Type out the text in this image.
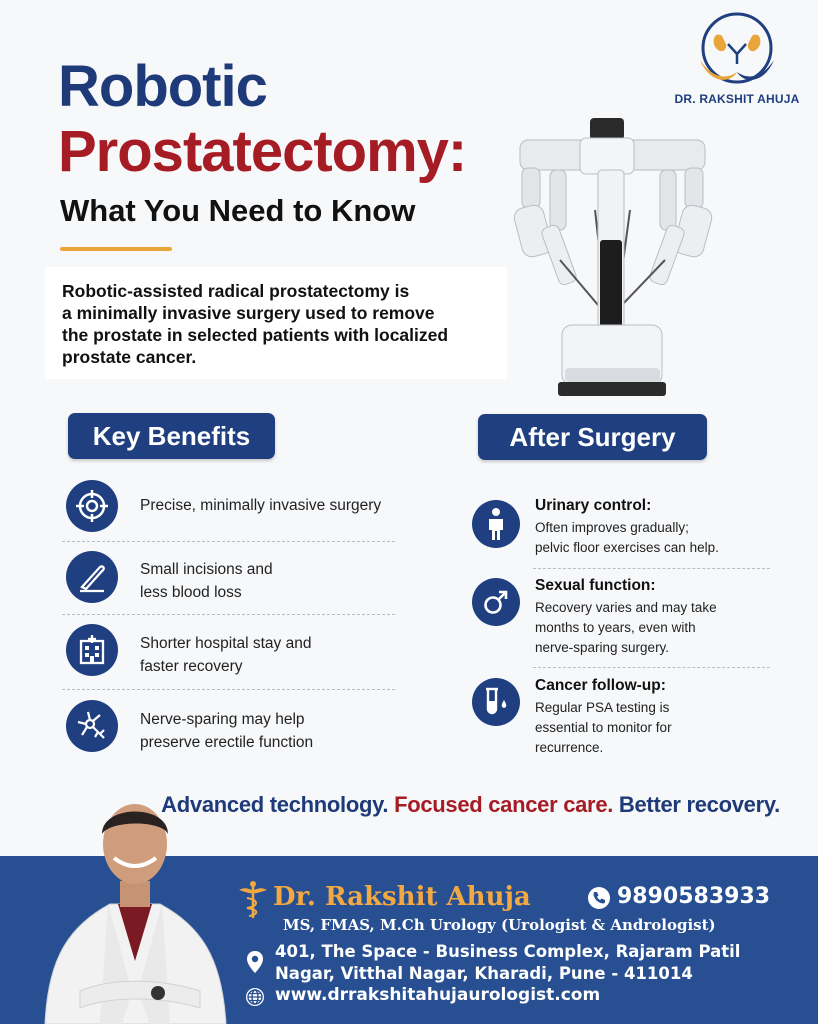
DR. RAKSHIT AHUJA
Robotic
Prostatectomy:
What You Need to Know
Robotic-assisted radical prostatectomy is
a minimally invasive surgery used to remove
the prostate in selected patients with localized
prostate cancer.
Key Benefits	After Surgery
Precise, minimally invasive surgery
Small incisions and
less blood loss
Shorter hospital stay and
faster recovery
Nerve-sparing may help
preserve erectile function
Urinary control:
Often improves gradually;
pelvic floor exercises can help.
Sexual function:
Recovery varies and may take
months to years, even with
nerve-sparing surgery.
Cancer follow-up:
Regular PSA testing is
essential to monitor for
recurrence.
Advanced technology. Focused cancer care. Better recovery.
Dr. Rakshit Ahuja	9890583933
MS, FMAS, M.Ch Urology (Urologist & Andrologist)
401, The Space - Business Complex, Rajaram Patil
Nagar, Vitthal Nagar, Kharadi, Pune - 411014
www.drrakshitahujaurologist.com
